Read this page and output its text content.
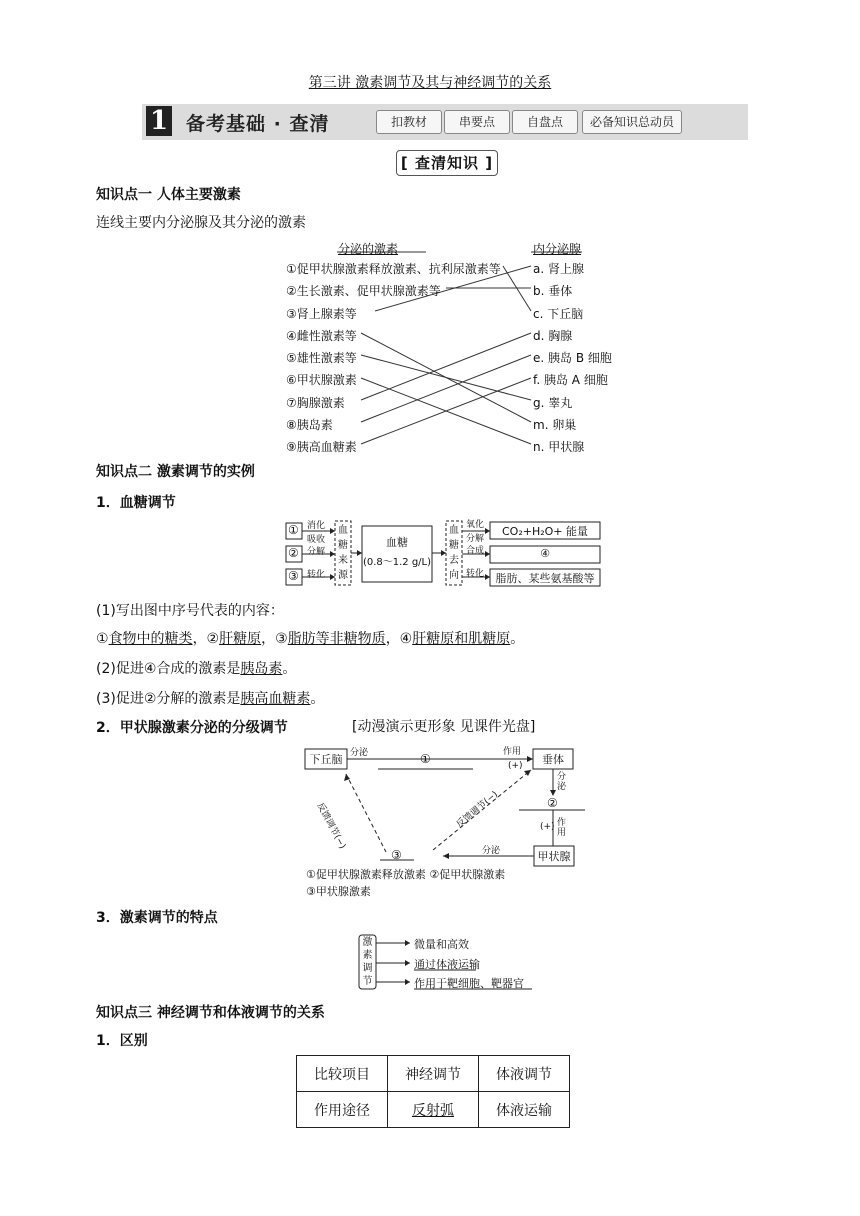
第三讲 激素调节及其与神经调节的关系
1 备考基础 · 查清	扣教材	串要点	自盘点	必备知识总动员
[ 查清知识 ]
知识点一 人体主要激素
连线主要内分泌腺及其分泌的激素
分泌的激素	内分泌腺
①促甲状腺激素释放激素、抗利尿激素等
②生长激素、促甲状腺激素等
③肾上腺素等
④雌性激素等
⑤雄性激素等
⑥甲状腺激素
⑦胸腺激素
⑧胰岛素
⑨胰高血糖素
a. 肾上腺
b. 垂体
c. 下丘脑
d. 胸腺
e. 胰岛 B 细胞
f. 胰岛 A 细胞
g. 睾丸
m. 卵巢
n. 甲状腺
知识点二 激素调节的实例
1．血糖调节
①
②
③
消化
吸收
分解
转化
血
糖
来
源
血糖
(0.8～1.2 g/L)
血
糖
去
向
氧化
分解
合成
转化
CO₂+H₂O+ 能量
④
脂肪、某些氨基酸等
(1)写出图中序号代表的内容：
①食物中的糖类，②肝糖原，③脂肪等非糖物质，④肝糖原和肌糖原。
(2)促进④合成的激素是胰岛素。
(3)促进②分解的激素是胰高血糖素。
2．甲状腺激素分泌的分级调节	[动漫演示更形象 见课件光盘]
下丘脑	垂体
甲状腺
分泌	作用
(+)
①
②
③
分泌
作用
(+)
分泌
反馈调节(−)	反馈调节(−)
①促甲状腺激素释放激素 ②促甲状腺激素
③甲状腺激素
3．激素调节的特点
激
素
调
节
微量和高效
通过体液运输
作用于靶细胞、靶器官
知识点三 神经调节和体液调节的关系
1．区别
比较项目	神经调节	体液调节
作用途径	反射弧	体液运输
